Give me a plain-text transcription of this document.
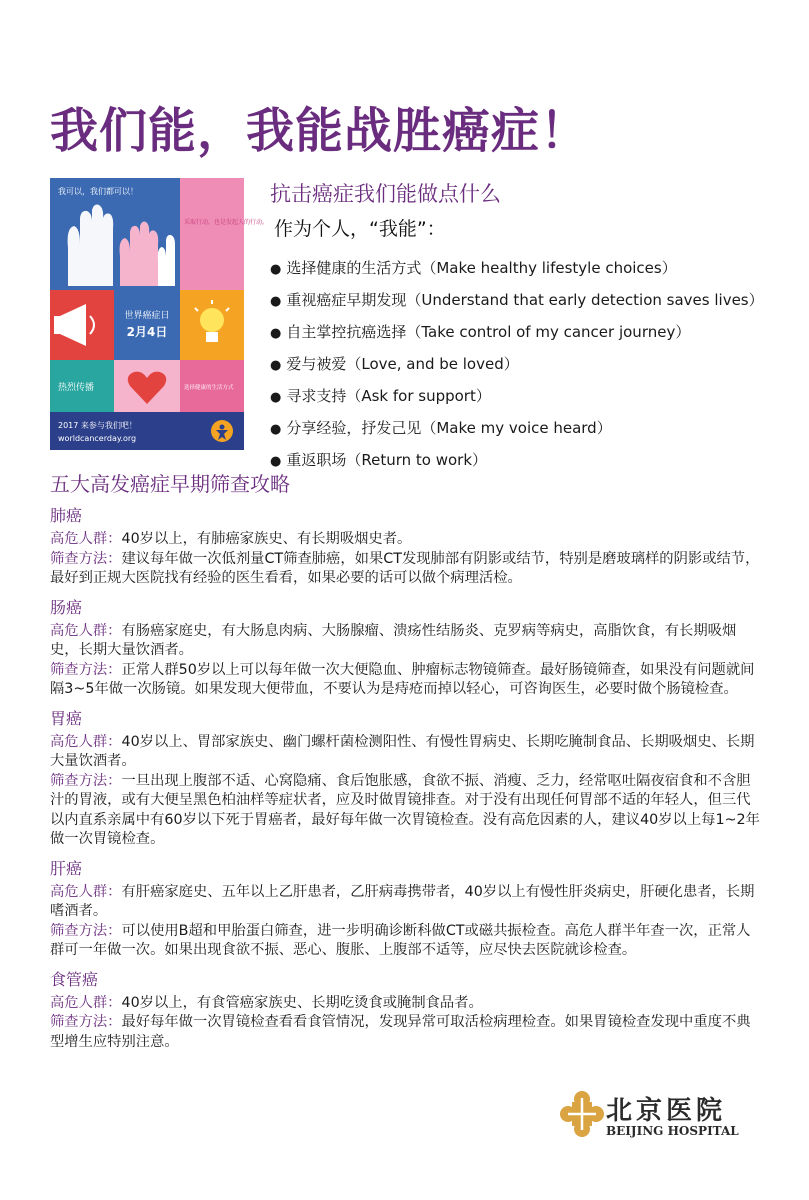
我们能，我能战胜癌症！
我可以，我们都可以！
采取行动，也是发起人的行动。
世界癌症日
2月4日
热烈传播	选择健康的生活方式
2017 来参与我们吧！
worldcancerday.org
抗击癌症我们能做点什么
作为个人，“我能”：
● 选择健康的生活方式（Make healthy lifestyle choices）
● 重视癌症早期发现（Understand that early detection saves lives）
● 自主掌控抗癌选择（Take control of my cancer journey）
● 爱与被爱（Love, and be loved）
● 寻求支持（Ask for support）
● 分享经验，抒发己见（Make my voice heard）
● 重返职场（Return to work）
五大高发癌症早期筛查攻略
肺癌

高危人群：40岁以上，有肺癌家族史、有长期吸烟史者。

筛查方法：建议每年做一次低剂量CT筛查肺癌，如果CT发现肺部有阴影或结节，特别是磨玻璃样的阴影或结节，最好到正规大医院找有经验的医生看看，如果必要的话可以做个病理活检。

肠癌

高危人群：有肠癌家庭史，有大肠息肉病、大肠腺瘤、溃疡性结肠炎、克罗病等病史，高脂饮食，有长期吸烟史，长期大量饮酒者。

筛查方法：正常人群50岁以上可以每年做一次大便隐血、肿瘤标志物镜筛查。最好肠镜筛查，如果没有问题就间隔3~5年做一次肠镜。如果发现大便带血，不要认为是痔疮而掉以轻心，可咨询医生，必要时做个肠镜检查。

胃癌

高危人群：40岁以上、胃部家族史、幽门螺杆菌检测阳性、有慢性胃病史、长期吃腌制食品、长期吸烟史、长期大量饮酒者。

筛查方法：一旦出现上腹部不适、心窝隐痛、食后饱胀感，食欲不振、消瘦、乏力，经常呕吐隔夜宿食和不含胆汁的胃液，或有大便呈黑色柏油样等症状者，应及时做胃镜排查。对于没有出现任何胃部不适的年轻人，但三代以内直系亲属中有60岁以下死于胃癌者，最好每年做一次胃镜检查。没有高危因素的人，建议40岁以上每1~2年做一次胃镜检查。

肝癌

高危人群：有肝癌家庭史、五年以上乙肝患者，乙肝病毒携带者，40岁以上有慢性肝炎病史，肝硬化患者，长期嗜酒者。

筛查方法：可以使用B超和甲胎蛋白筛查，进一步明确诊断科做CT或磁共振检查。高危人群半年查一次，正常人群可一年做一次。如果出现食欲不振、恶心、腹胀、上腹部不适等，应尽快去医院就诊检查。

食管癌

高危人群：40岁以上，有食管癌家族史、长期吃烫食或腌制食品者。

筛查方法：最好每年做一次胃镜检查看看食管情况，发现异常可取活检病理检查。如果胃镜检查发现中重度不典型增生应特别注意。

北京医院
BEIJING HOSPITAL
